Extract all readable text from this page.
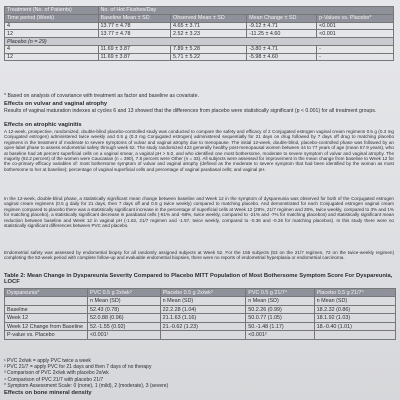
Treatment (No. of Patients)	No. of Hot Flushes/Day			
Time period (Week)	Baseline Mean ± SD	Observed Mean ± SD	Mean Change ± SD	p-Values vs. Placebo*
4	13.77 ± 4.78	4.65 ± 3.71	-9.12 ± 4.71	<0.001
12	13.77 ± 4.78	2.52 ± 3.23	-11.25 ± 4.60	<0.001
Placebo (n = 29)				
4	11.69 ± 3.87	7.89 ± 5.28	-3.80 ± 4.71	-
12	11.69 ± 3.87	5.71 ± 5.22	-5.98 ± 4.60	-
* Based on analysis of covariance with treatment as factor and baseline as covariate.
Effects on vulvar and vaginal atrophy
Results of vaginal maturation indexes at cycles 6 and 13 showed that the differences from placebo were statistically significant (p < 0.001) for all treatment groups.
Effects on atrophic vaginitis
A 12-week, prospective, randomized, double-blind placebo-controlled study was conducted to compare the safety and efficacy of 2 Conjugated estrogen vaginal cream regimens 0.5 g (0.3 mg Conjugated estrogen) administered twice weekly and 0.5 g (0.3 mg Conjugated estrogen) administered sequentially for 21 days on drug followed by 7 days off drug to matching placebo regimens in the treatment of moderate to severe symptoms of vulvar and vaginal atrophy due to menopause. The initial 12-week, double-blind, placebo-controlled phase was followed by an open-label phase to assess endometrial safety through week 52. The study randomized 423 generally healthy post-menopausal women between 44 to 77 years of age (mean 57.9 years), who at baseline had ≥5 percent superficial cells on a vaginal smear, a vaginal pH > 5.0, and who identified one most bothersome, moderate to severe symptom of vulvar and vaginal atrophy. The majority (92.2 percent) of the women were Caucasian (n = 390), 7.8 percent were Other (n = 33). All subjects were assessed for improvement in the mean change from baseline to Week 12 for the co-primary efficacy variables of: most bothersome symptom of vulvar and vaginal atrophy (defined as the moderate to severe symptom that had been identified by the woman as most bothersome to her at baseline); percentage of vaginal superficial cells and percentage of vaginal parabasal cells; and vaginal pH.
In the 12-week, double-blind phase, a statistically significant mean change between baseline and Week 12 in the symptom of dyspareunia was observed for both of the Conjugated estrogen vaginal cream regimens (0.5 g daily for 21 days, then 7 days off and 0.5 g twice weekly) compared to matching placebo. And demonstrated for each Conjugated estrogen vaginal cream regimen compared to placebo there was a statistically significant increase in the percentage of superficial cells at Week 12 (28%, 21/7 regimen and 26%, twice weekly, compared to 3% and 1% for matching placebo), a statistically significant decrease in parabasal cells (-61% and -58%, twice weekly, compared to -21% and -7% for matching placebos) and statistically significant mean reduction between baseline and Week 12 in vaginal pH (-1.62, 21/7 regimen and -1.57, twice weekly, compared to -0.36 and -0.26 for matching placebos). In this study there were no statistically significant differences between PVC and placebo.
Endometrial safety was assessed by endometrial biopsy for all randomly assigned subjects at Week 52. For the 155 subjects (53 on the 21/7 regimen, 72 on the twice-weekly regimen) completing the 52-week period with complete follow-up and evaluable endometrial biopsies, there were no reports of endometrial hyperplasia or endometrial carcinoma.
Table 2: Mean Change in Dyspareunia Severity Compared to Placebo MITT Population of Most Bothersome Symptom Score For Dyspareunia, LOCF
Dyspareunia*	PVC 0.5 g 2x/wk³	Placebo 0.5 g 2x/wk³	PVC 0.5 g 21/7⁴	Placebo 0.5 g 21/7⁴
	n Mean (SD)	n Mean (SD)	n Mean (SD)	n Mean (SD)
Baseline	52.43 (0.78)	22.2.28 (1.04)	50.2.26 (0.99)	18.2.32 (0.86)
Week 12	52.0.88 (0.96)	21.1.63 (1.16)	50.0.77 (1.05)	18.1.92 (1.03)
Week 12 Change from Baseline	52.-1.55 (0.92)	21.-0.62 (1.23)	50.-1.48 (1.17)	18.-0.40 (1.01)
P-value vs. Placebo	<0.001¹		<0.001²	
¹ PVC 2x/wk = apply PVC twice a week
² PVC 21/7 = apply PVC for 21 days and then 7 days of no therapy
³ Comparison of PVC 2x/wk with placebo 2x/wk
⁴ Comparison of PVC 21/7 with placebo 21/7
* Symptom Assessment Scale: 0 (none), 1 (mild), 2 (moderate), 3 (severe)
Effects on bone mineral density
